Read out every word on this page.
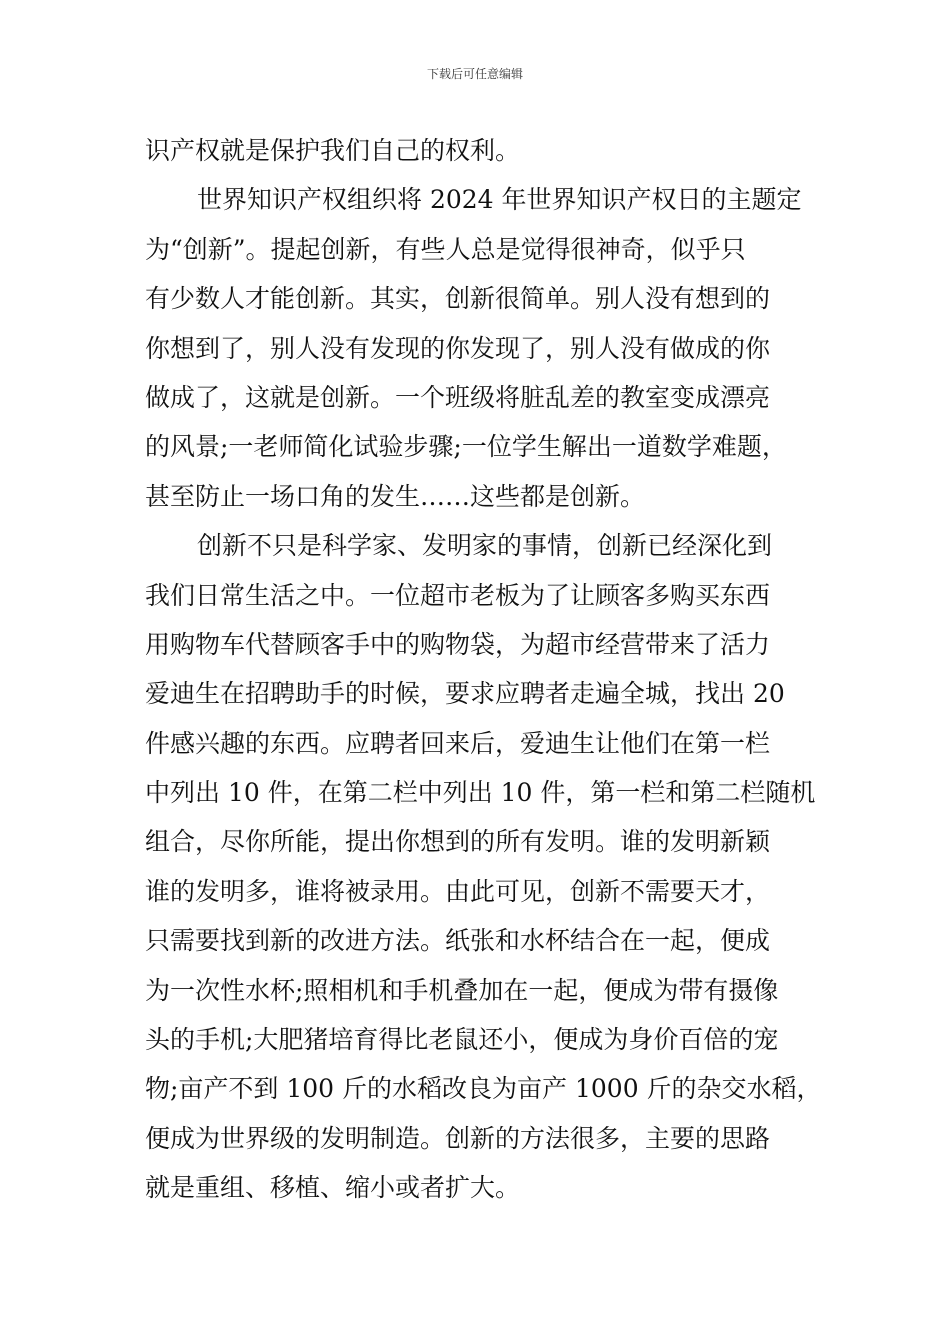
下载后可任意编辑
识产权就是保护我们自己的权利。
世界知识产权组织将 2024 年世界知识产权日的主题定
为“创新”。提起创新，有些人总是觉得很神奇，似乎只
有少数人才能创新。其实，创新很简单。别人没有想到的
你想到了，别人没有发现的你发现了，别人没有做成的你
做成了，这就是创新。一个班级将脏乱差的教室变成漂亮
的风景;一老师简化试验步骤;一位学生解出一道数学难题，
甚至防止一场口角的发生……这些都是创新。
创新不只是科学家、发明家的事情，创新已经深化到
我们日常生活之中。一位超市老板为了让顾客多购买东西
用购物车代替顾客手中的购物袋，为超市经营带来了活力
爱迪生在招聘助手的时候，要求应聘者走遍全城，找出 20
件感兴趣的东西。应聘者回来后，爱迪生让他们在第一栏
中列出 10 件，在第二栏中列出 10 件，第一栏和第二栏随机
组合，尽你所能，提出你想到的所有发明。谁的发明新颖
谁的发明多，谁将被录用。由此可见，创新不需要天才，
只需要找到新的改进方法。纸张和水杯结合在一起，便成
为一次性水杯;照相机和手机叠加在一起，便成为带有摄像
头的手机;大肥猪培育得比老鼠还小，便成为身价百倍的宠
物;亩产不到 100 斤的水稻改良为亩产 1000 斤的杂交水稻，
便成为世界级的发明制造。创新的方法很多，主要的思路
就是重组、移植、缩小或者扩大。
